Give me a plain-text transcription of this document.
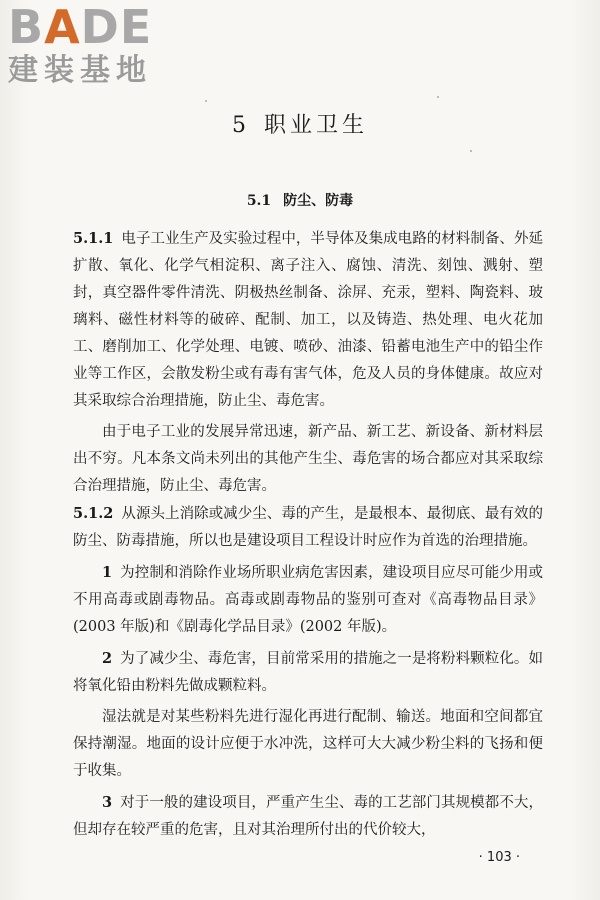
BADE
建装基地
5 职业卫生
5.1 防尘、防毒

5.1.1 电子工业生产及实验过程中，半导体及集成电路的材料制备、外延扩散、氧化、化学气相淀积、离子注入、腐蚀、清洗、刻蚀、溅射、塑封，真空器件零件清洗、阴极热丝制备、涂屏、充汞，塑料、陶瓷料、玻璃料、磁性材料等的破碎、配制、加工，以及铸造、热处理、电火花加工、磨削加工、化学处理、电镀、喷砂、油漆、铅蓄电池生产中的铅尘作业等工作区，会散发粉尘或有毒有害气体，危及人员的身体健康。故应对其采取综合治理措施，防止尘、毒危害。

由于电子工业的发展异常迅速，新产品、新工艺、新设备、新材料层出不穷。凡本条文尚未列出的其他产生尘、毒危害的场合都应对其采取综合治理措施，防止尘、毒危害。

5.1.2 从源头上消除或减少尘、毒的产生，是最根本、最彻底、最有效的防尘、防毒措施，所以也是建设项目工程设计时应作为首选的治理措施。

1 为控制和消除作业场所职业病危害因素，建设项目应尽可能少用或不用高毒或剧毒物品。高毒或剧毒物品的鉴别可查对《高毒物品目录》(2003 年版)和《剧毒化学品目录》(2002 年版)。

2 为了减少尘、毒危害，目前常采用的措施之一是将粉料颗粒化。如将氧化铅由粉料先做成颗粒料。

湿法就是对某些粉料先进行湿化再进行配制、输送。地面和空间都宜保持潮湿。地面的设计应便于水冲洗，这样可大大减少粉尘料的飞扬和便于收集。

3 对于一般的建设项目，严重产生尘、毒的工艺部门其规模都不大，但却存在较严重的危害，且对其治理所付出的代价较大，

· 103 ·
